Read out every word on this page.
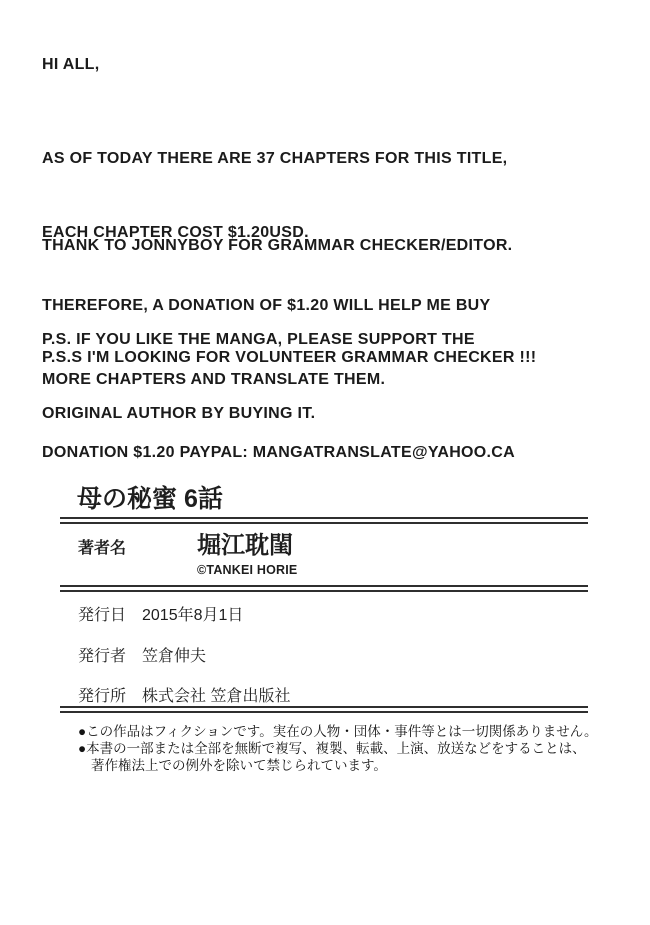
HI ALL,

AS OF TODAY THERE ARE 37 CHAPTERS FOR THIS TITLE,

EACH CHAPTER COST $1.20USD.

THEREFORE, A DONATION OF $1.20 WILL HELP ME BUY

MORE CHAPTERS AND TRANSLATE THEM.

DONATION $1.20 PAYPAL: MANGATRANSLATE@YAHOO.CA

THANK TO JONNYBOY FOR GRAMMAR CHECKER/EDITOR.

P.S. IF YOU LIKE THE MANGA, PLEASE SUPPORT THE

ORIGINAL AUTHOR BY BUYING IT.

P.S.S I'M LOOKING FOR VOLUNTEER GRAMMAR CHECKER !!!
母の秘蜜 6話
著者名	堀江耽閨
©TANKEI HORIE
発行日 2015年8月1日
発行者 笠倉伸夫
発行所 株式会社 笠倉出版社
●この作品はフィクションです。実在の人物・団体・事件等とは一切関係ありません。
●本書の一部または全部を無断で複写、複製、転載、上演、放送などをすることは、
著作権法上での例外を除いて禁じられています。
